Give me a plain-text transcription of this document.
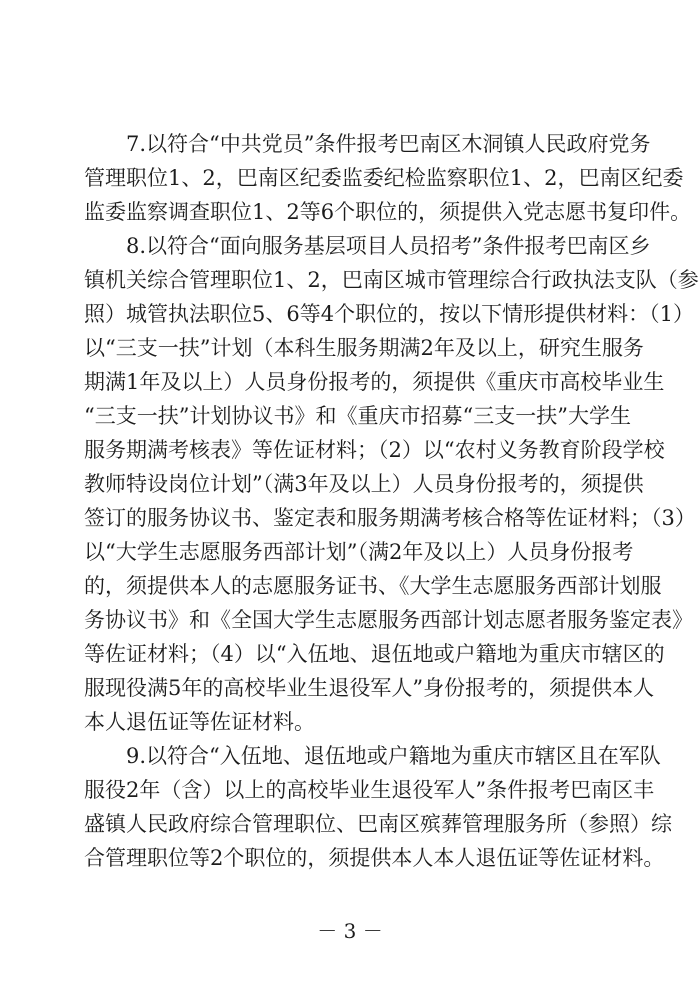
7.以符合“中共党员”条件报考巴南区木洞镇人民政府党务
管理职位1、2，巴南区纪委监委纪检监察职位1、2，巴南区纪委
监委监察调查职位1、2等6个职位的，须提供入党志愿书复印件。
8.以符合“面向服务基层项目人员招考”条件报考巴南区乡
镇机关综合管理职位1、2，巴南区城市管理综合行政执法支队（参
照）城管执法职位5、6等4个职位的，按以下情形提供材料：（1）
以“三支一扶”计划（本科生服务期满2年及以上，研究生服务
期满1年及以上）人员身份报考的，须提供《重庆市高校毕业生
“三支一扶”计划协议书》和《重庆市招募“三支一扶”大学生
服务期满考核表》等佐证材料；（2）以“农村义务教育阶段学校
教师特设岗位计划”（满3年及以上）人员身份报考的，须提供
签订的服务协议书、鉴定表和服务期满考核合格等佐证材料；（3）
以“大学生志愿服务西部计划”（满2年及以上）人员身份报考
的，须提供本人的志愿服务证书、《大学生志愿服务西部计划服
务协议书》和《全国大学生志愿服务西部计划志愿者服务鉴定表》
等佐证材料；（4）以“入伍地、退伍地或户籍地为重庆市辖区的
服现役满5年的高校毕业生退役军人”身份报考的，须提供本人
本人退伍证等佐证材料。
9.以符合“入伍地、退伍地或户籍地为重庆市辖区且在军队
服役2年（含）以上的高校毕业生退役军人”条件报考巴南区丰
盛镇人民政府综合管理职位、巴南区殡葬管理服务所（参照）综
合管理职位等2个职位的，须提供本人本人退伍证等佐证材料。
－ 3 －
